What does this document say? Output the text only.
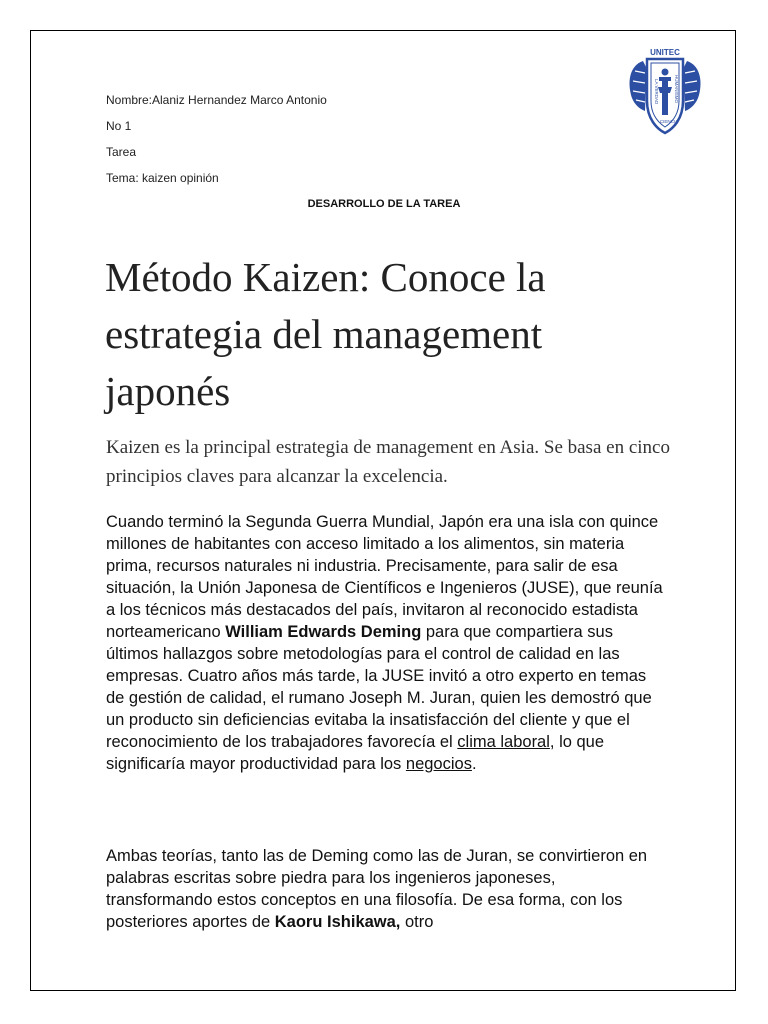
UNITEC
LA VERDAD	HUMANISMO
CIENCIA
Nombre:Alaniz Hernandez Marco Antonio
No 1
Tarea
Tema: kaizen opinión
DESARROLLO DE LA TAREA
Método Kaizen: Conoce la estrategia del management japonés

Kaizen es la principal estrategia de management en Asia. Se basa en cinco principios claves para alcanzar la excelencia.

Cuando terminó la Segunda Guerra Mundial, Japón era una isla con quince millones de habitantes con acceso limitado a los alimentos, sin materia prima, recursos naturales ni industria. Precisamente, para salir de esa situación, la Unión Japonesa de Científicos e Ingenieros (JUSE), que reunía a los técnicos más destacados del país, invitaron al reconocido estadista norteamericano William Edwards Deming para que compartiera sus últimos hallazgos sobre metodologías para el control de calidad en las empresas. Cuatro años más tarde, la JUSE invitó a otro experto en temas de gestión de calidad, el rumano Joseph M. Juran, quien les demostró que un producto sin deficiencias evitaba la insatisfacción del cliente y que el reconocimiento de los trabajadores favorecía el clima laboral, lo que significaría mayor productividad para los negocios.

Ambas teorías, tanto las de Deming como las de Juran, se convirtieron en palabras escritas sobre piedra para los ingenieros japoneses, transformando estos conceptos en una filosofía. De esa forma, con los posteriores aportes de Kaoru Ishikawa, otro
